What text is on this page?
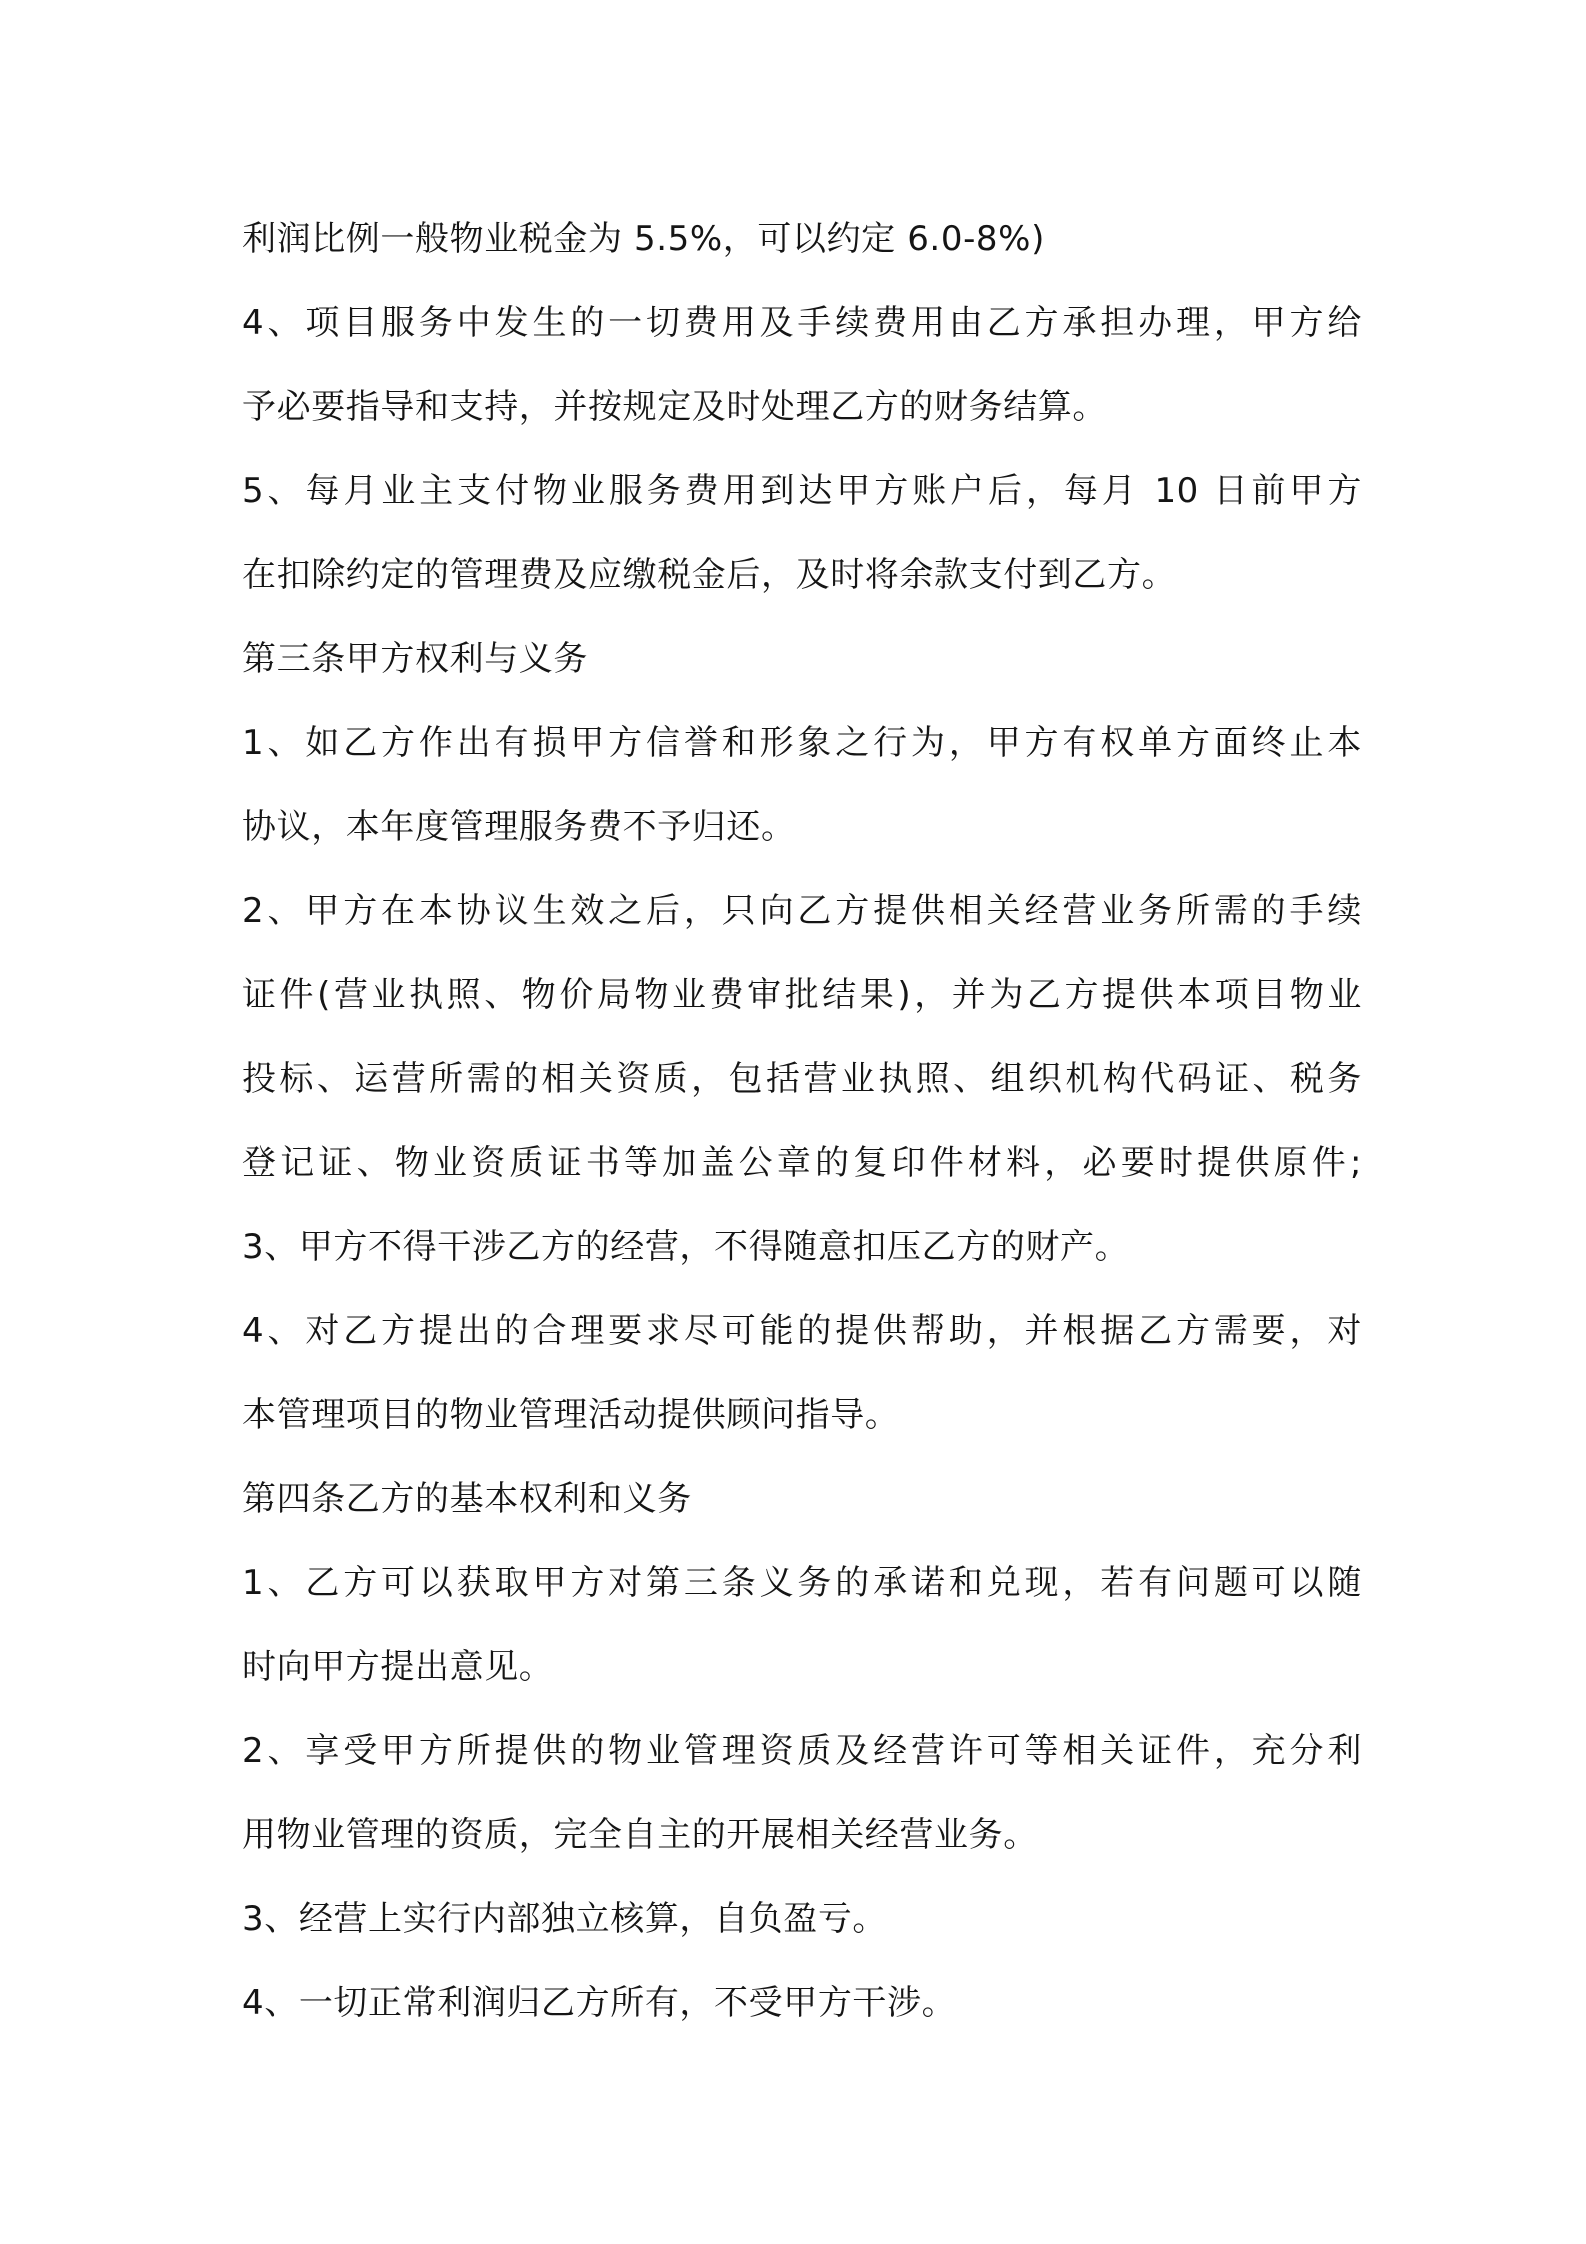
利润比例一般物业税金为 5.5%，可以约定 6.0-8%)
4、项目服务中发生的一切费用及手续费用由乙方承担办理，甲方给
予必要指导和支持，并按规定及时处理乙方的财务结算。
5、每月业主支付物业服务费用到达甲方账户后，每月 10 日前甲方
在扣除约定的管理费及应缴税金后，及时将余款支付到乙方。
第三条甲方权利与义务
1、如乙方作出有损甲方信誉和形象之行为，甲方有权单方面终止本
协议，本年度管理服务费不予归还。
2、甲方在本协议生效之后，只向乙方提供相关经营业务所需的手续
证件(营业执照、物价局物业费审批结果)，并为乙方提供本项目物业
投标、运营所需的相关资质，包括营业执照、组织机构代码证、税务
登记证、物业资质证书等加盖公章的复印件材料，必要时提供原件;
3、甲方不得干涉乙方的经营，不得随意扣压乙方的财产。
4、对乙方提出的合理要求尽可能的提供帮助，并根据乙方需要，对
本管理项目的物业管理活动提供顾问指导。
第四条乙方的基本权利和义务
1、乙方可以获取甲方对第三条义务的承诺和兑现，若有问题可以随
时向甲方提出意见。
2、享受甲方所提供的物业管理资质及经营许可等相关证件，充分利
用物业管理的资质，完全自主的开展相关经营业务。
3、经营上实行内部独立核算，自负盈亏。
4、一切正常利润归乙方所有，不受甲方干涉。
